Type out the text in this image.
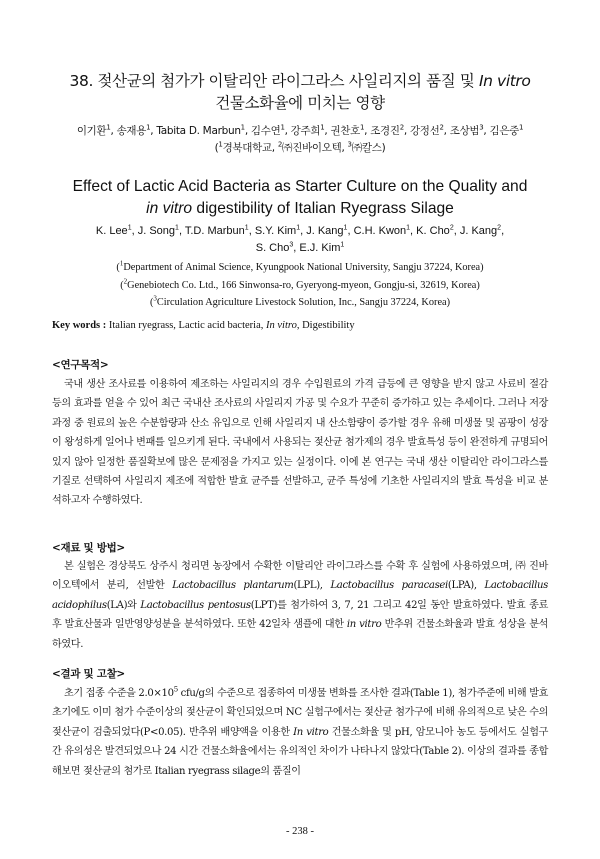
38. 젖산균의 첨가가 이탈리안 라이그라스 사일리지의 품질 및 In vitro
건물소화율에 미치는 영향
이기환$^1$, 송재용$^1$, Tabita D. Marbun$^1$, 김수연$^1$, 강주희$^1$, 권찬호$^1$, 조경진$^2$, 강정선$^2$, 조상범$^3$, 김은중$^1$
($^1$경북대학교, $^2$㈜진바이오텍, $^3$㈜칼스)
Effect of Lactic Acid Bacteria as Starter Culture on the Quality and
in vitro digestibility of Italian Ryegrass Silage
K. Lee$^1$, J. Song$^1$, T.D. Marbun$^1$, S.Y. Kim$^1$, J. Kang$^1$, C.H. Kwon$^1$, K. Cho$^2$, J. Kang$^2$,
S. Cho$^3$, E.J. Kim$^1$
($^1$Department of Animal Science, Kyungpook National University, Sangju 37224, Korea)
($^2$Genebiotech Co. Ltd., 166 Sinwonsa-ro, Gyeryong-myeon, Gongju-si, 32619, Korea)
($^3$Circulation Agriculture Livestock Solution, Inc., Sangju 37224, Korea)
Key words : Italian ryegrass, Lactic acid bacteria, In vitro, Digestibility
<연구목적>
국내 생산 조사료를 이용하여 제조하는 사일리지의 경우 수입원료의 가격 급등에 큰 영향을 받지 않고 사료비 절감 등의 효과를 얻을 수 있어 최근 국내산 조사료의 사일리지 가공 및 수요가 꾸준히 증가하고 있는 추세이다. 그러나 저장과정 중 원료의 높은 수분함량과 산소 유입으로 인해 사일리지 내 산소함량이 증가할 경우 유해 미생물 및 곰팡이 성장이 왕성하게 일어나 변패를 일으키게 된다. 국내에서 사용되는 젖산균 첨가제의 경우 발효특성 등이 완전하게 규명되어 있지 않아 일정한 품질확보에 많은 문제점을 가지고 있는 실정이다. 이에 본 연구는 국내 생산 이탈리안 라이그라스를 기질로 선택하여 사일리지 제조에 적합한 발효 균주를 선발하고, 균주 특성에 기초한 사일리지의 발효 특성을 비교 분석하고자 수행하였다.
<재료 및 방법>
본 실험은 경상북도 상주시 청리면 농장에서 수확한 이탈리안 라이그라스를 수확 후 실험에 사용하였으며, ㈜ 진바이오텍에서 분리, 선발한 Lactobacillus plantarum(LPL), Lactobacillus paracasei(LPA), Lactobacillus acidophilus(LA)와 Lactobacillus pentosus(LPT)를 첨가하여 3, 7, 21 그리고 42일 동안 발효하였다. 발효 종료 후 발효산물과 일반영양성분을 분석하였다. 또한 42일차 샘플에 대한 in vitro 반추위 건물소화율과 발효 성상을 분석하였다.
<결과 및 고찰>
초기 접종 수준을 $2.0\times 10^5$ cfu/g의 수준으로 접종하여 미생물 변화를 조사한 결과(Table 1), 첨가주준에 비해 발효 초기에도 이미 첨가 수준이상의 젖산균이 확인되었으며 NC 실험구에서는 젖산균 첨가구에 비해 유의적으로 낮은 수의 젖산균이 검출되었다(P<0.05). 반추위 배양액을 이용한 In vitro 건물소화율 및 pH, 암모니아 농도 등에서도 실험구 간 유의성은 발견되었으나 24 시간 건물소화율에서는 유의적인 차이가 나타나지 않았다(Table 2). 이상의 결과를 종합해보면 젖산균의 첨가로 Italian ryegrass silage의 품질이
- 238 -
